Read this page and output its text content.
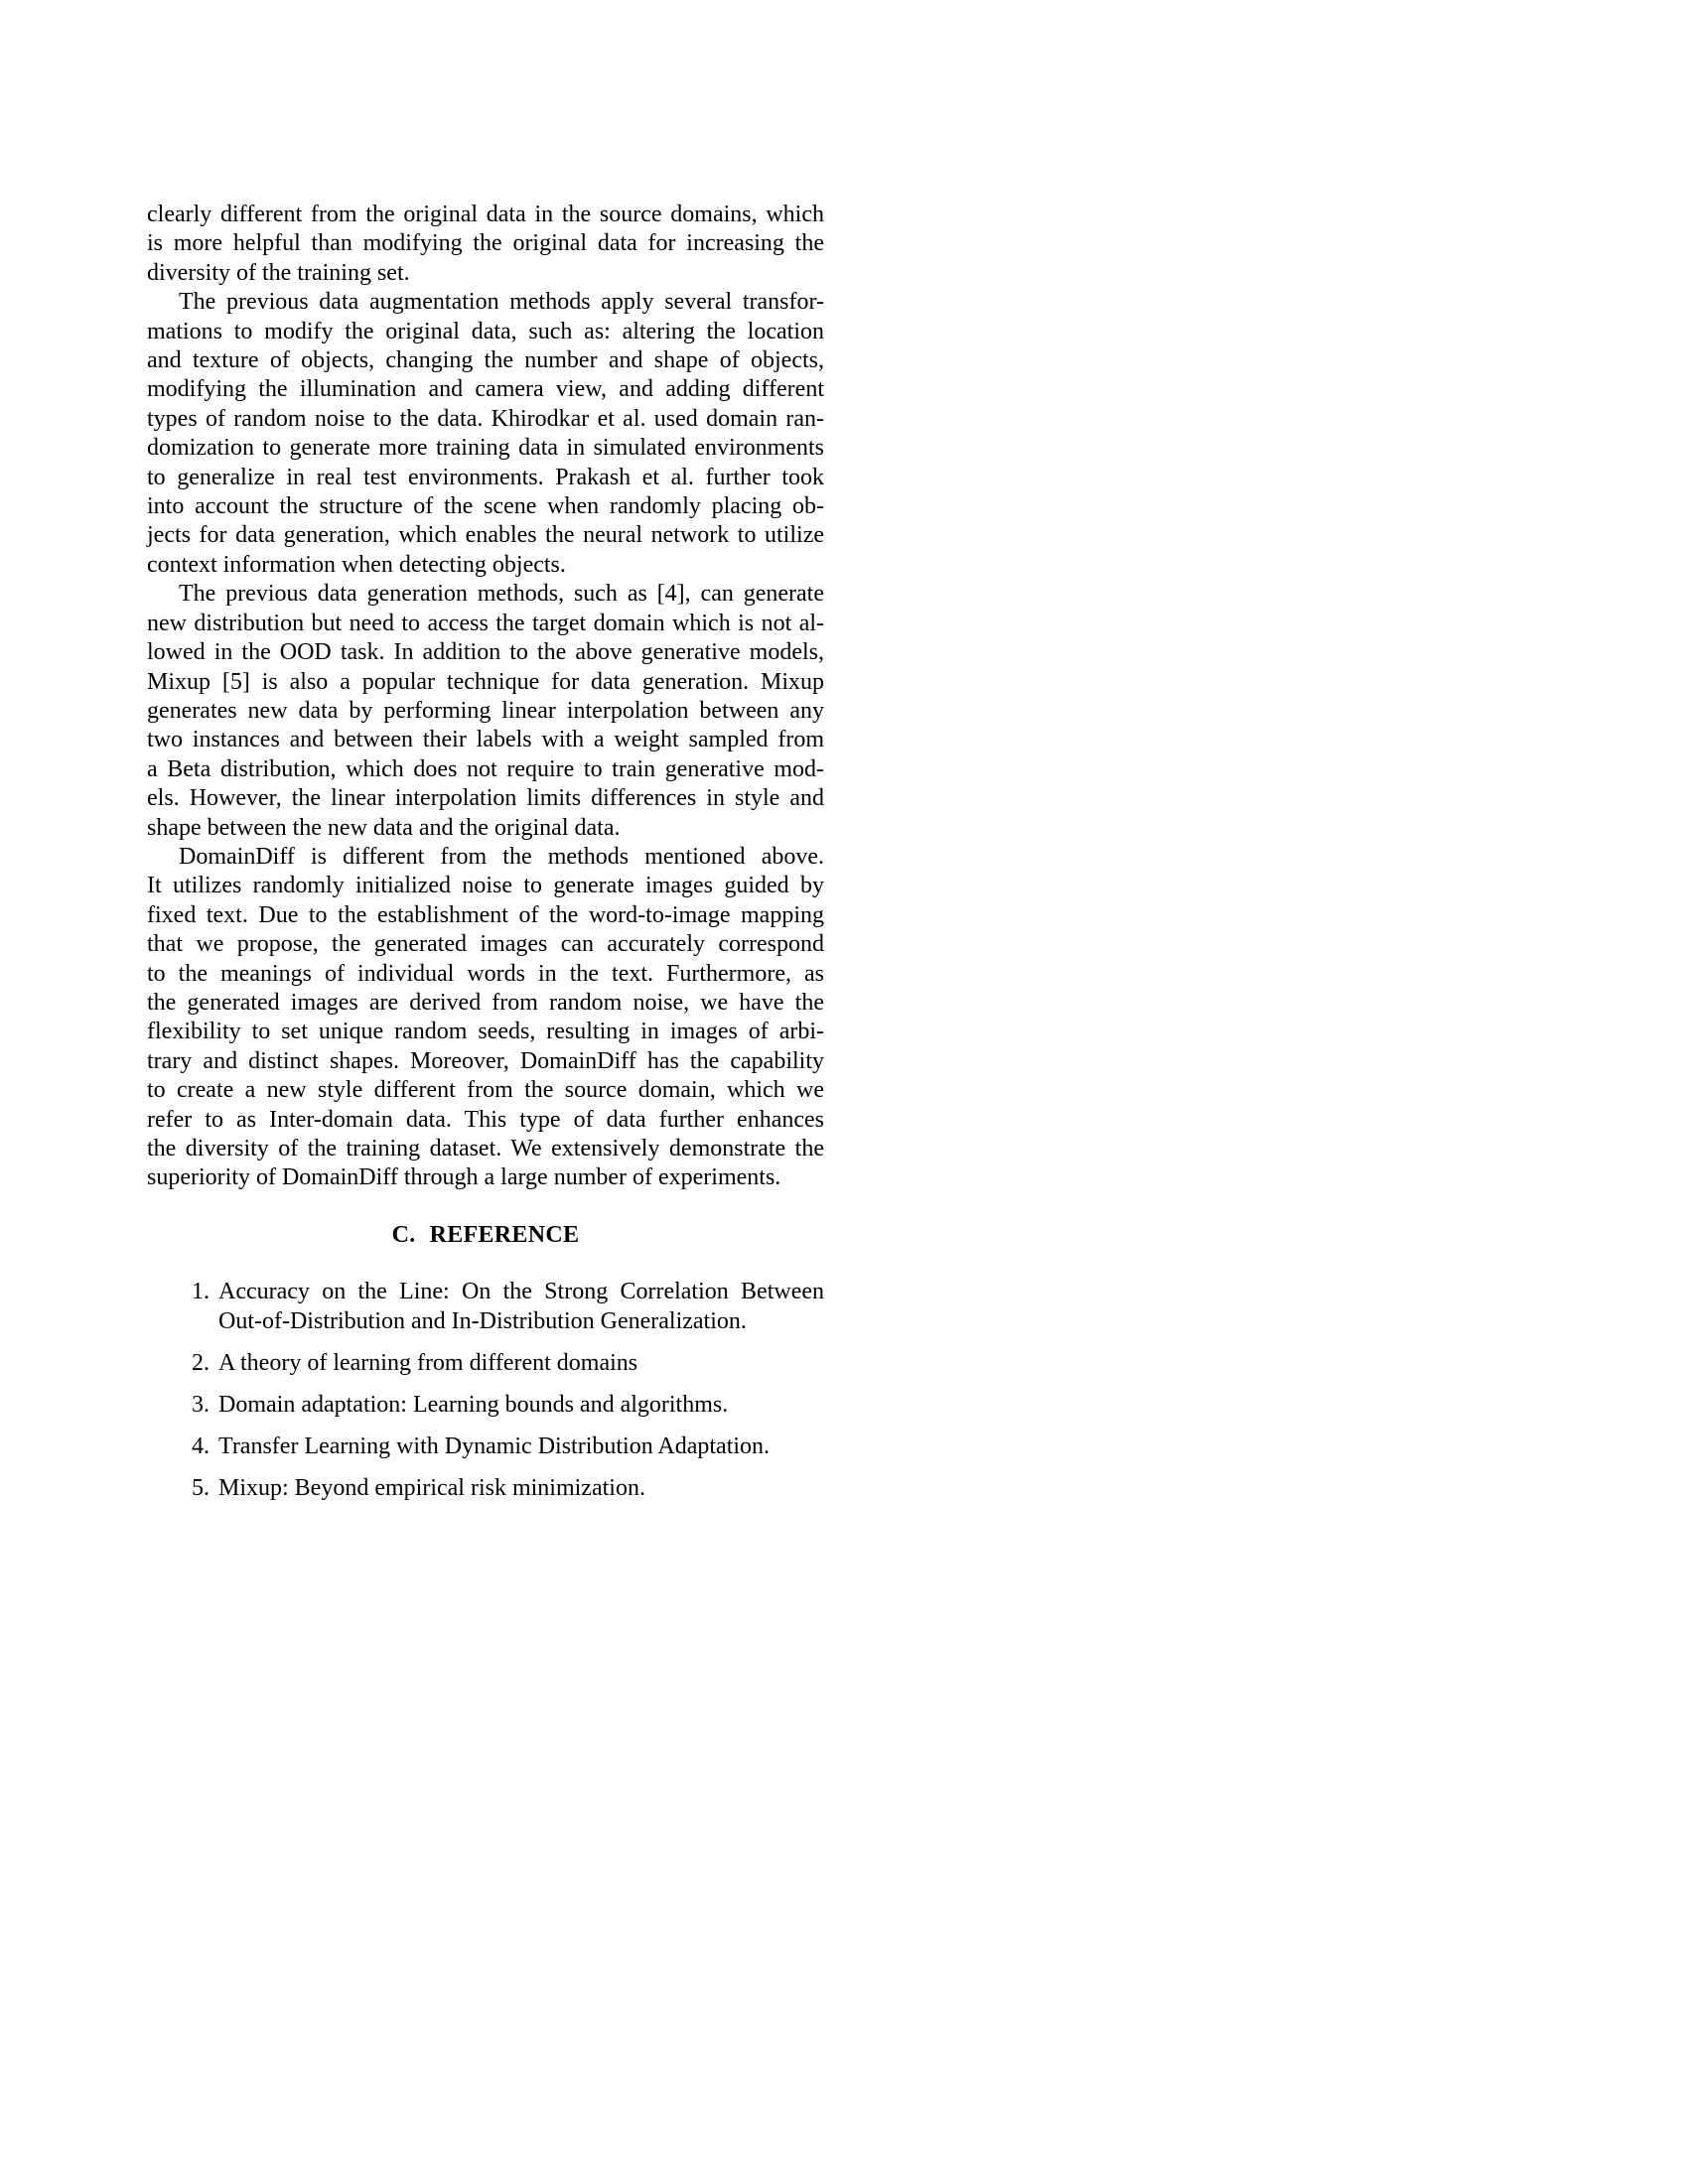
clearly different from the original data in the source domains, which
is more helpful than modifying the original data for increasing the
diversity of the training set.
The previous data augmentation methods apply several transfor-
mations to modify the original data, such as: altering the location
and texture of objects, changing the number and shape of objects,
modifying the illumination and camera view, and adding different
types of random noise to the data. Khirodkar et al. used domain ran-
domization to generate more training data in simulated environments
to generalize in real test environments. Prakash et al. further took
into account the structure of the scene when randomly placing ob-
jects for data generation, which enables the neural network to utilize
context information when detecting objects.
The previous data generation methods, such as [4], can generate
new distribution but need to access the target domain which is not al-
lowed in the OOD task. In addition to the above generative models,
Mixup [5] is also a popular technique for data generation. Mixup
generates new data by performing linear interpolation between any
two instances and between their labels with a weight sampled from
a Beta distribution, which does not require to train generative mod-
els. However, the linear interpolation limits differences in style and
shape between the new data and the original data.
DomainDiff is different from the methods mentioned above.
It utilizes randomly initialized noise to generate images guided by
fixed text. Due to the establishment of the word-to-image mapping
that we propose, the generated images can accurately correspond
to the meanings of individual words in the text. Furthermore, as
the generated images are derived from random noise, we have the
flexibility to set unique random seeds, resulting in images of arbi-
trary and distinct shapes. Moreover, DomainDiff has the capability
to create a new style different from the source domain, which we
refer to as Inter-domain data. This type of data further enhances
the diversity of the training dataset. We extensively demonstrate the
superiority of DomainDiff through a large number of experiments.
C. REFERENCE
1. Accuracy on the Line: On the Strong Correlation Between
Out-of-Distribution and In-Distribution Generalization.
2. A theory of learning from different domains
3. Domain adaptation: Learning bounds and algorithms.
4. Transfer Learning with Dynamic Distribution Adaptation.
5. Mixup: Beyond empirical risk minimization.
